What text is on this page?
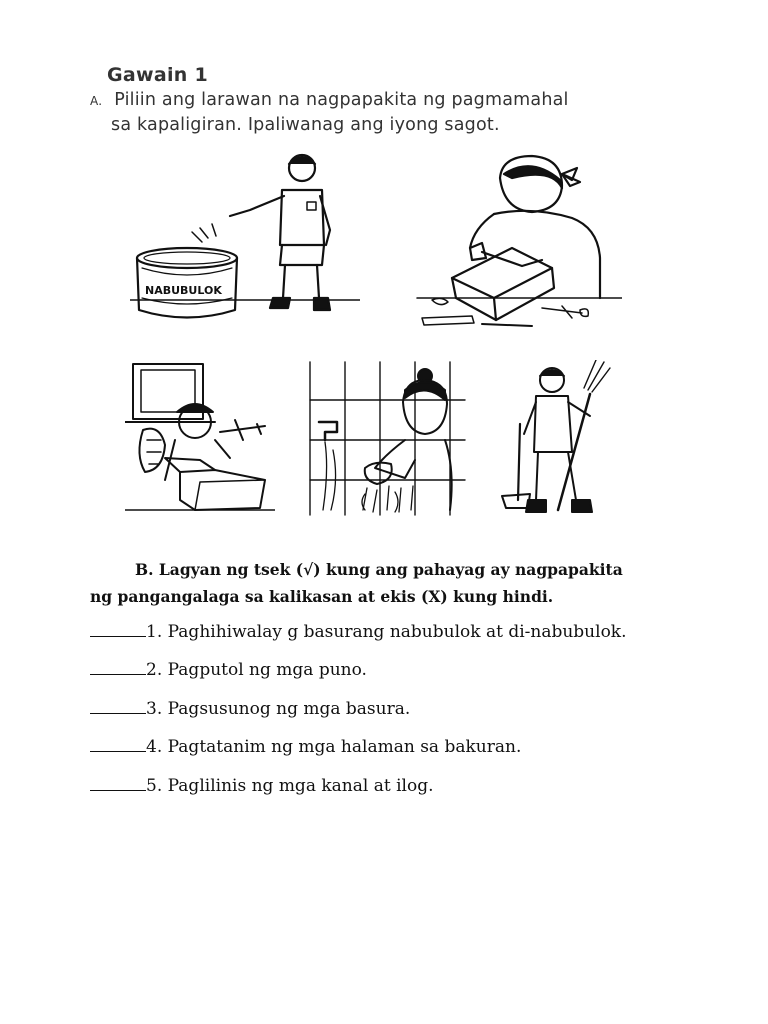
Gawain 1
A. Piliin ang larawan na nagpapakita ng pagmamahal
sa kapaligiran. Ipaliwanag ang iyong sagot.
NABUBULOK
B. Lagyan ng tsek (√) kung ang pahayag ay nagpapakita
ng pangangalaga sa kalikasan at ekis (X) kung hindi.
1. Paghihiwalay g basurang nabubulok at di-nabubulok.
2. Pagputol ng mga puno.
3. Pagsusunog ng mga basura.
4. Pagtatanim ng mga halaman sa bakuran.
5. Paglilinis ng mga kanal at ilog.
